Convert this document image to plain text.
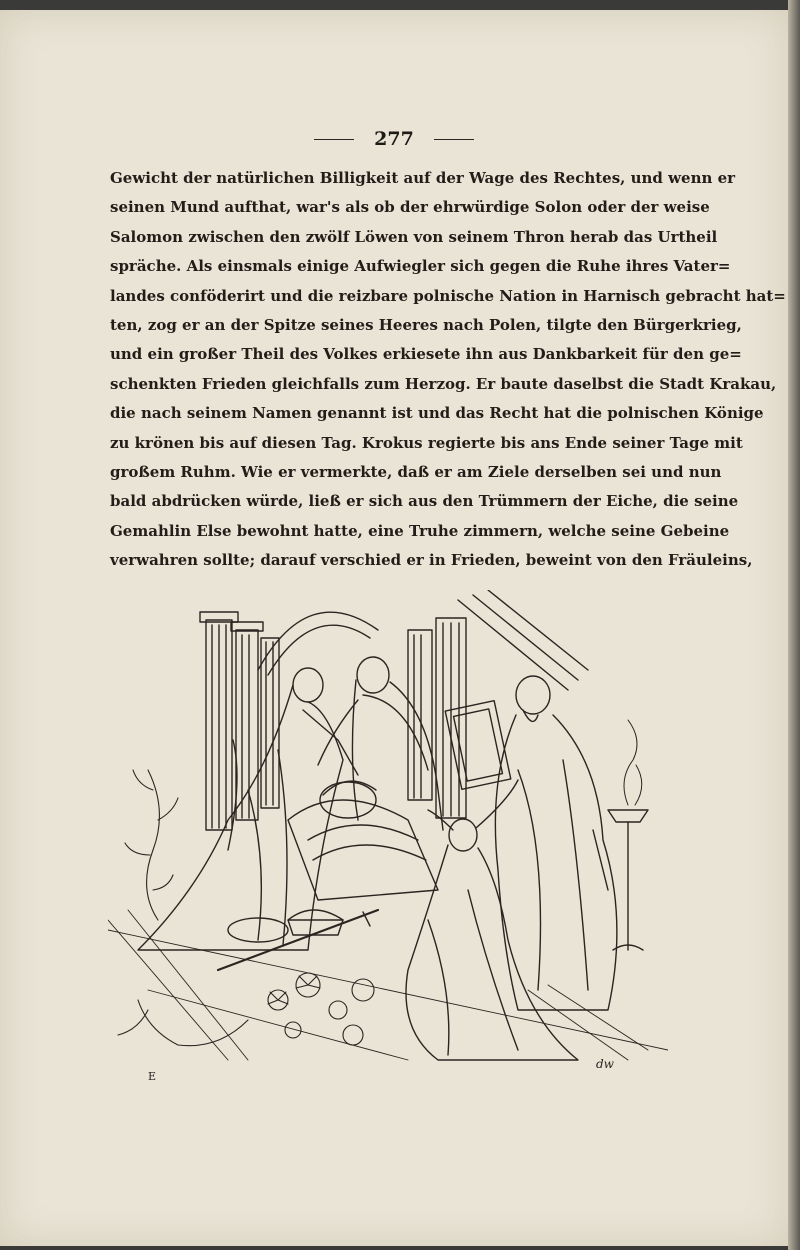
277
Gewicht der natürlichen Billigkeit auf der Wage des Rechtes, und wenn er
seinen Mund aufthat, war's als ob der ehrwürdige Solon oder der weise
Salomon zwischen den zwölf Löwen von seinem Thron herab das Urtheil
spräche. Als einsmals einige Aufwiegler sich gegen die Ruhe ihres Vater=
landes conföderirt und die reizbare polnische Nation in Harnisch gebracht hat=
ten, zog er an der Spitze seines Heeres nach Polen, tilgte den Bürgerkrieg,
und ein großer Theil des Volkes erkiesete ihn aus Dankbarkeit für den ge=
schenkten Frieden gleichfalls zum Herzog. Er baute daselbst die Stadt Krakau,
die nach seinem Namen genannt ist und das Recht hat die polnischen Könige
zu krönen bis auf diesen Tag. Krokus regierte bis ans Ende seiner Tage mit
großem Ruhm. Wie er vermerkte, daß er am Ziele derselben sei und nun
bald abdrücken würde, ließ er sich aus den Trümmern der Eiche, die seine
Gemahlin Else bewohnt hatte, eine Truhe zimmern, welche seine Gebeine
verwahren sollte; darauf verschied er in Frieden, beweint von den Fräuleins,
E
dw
